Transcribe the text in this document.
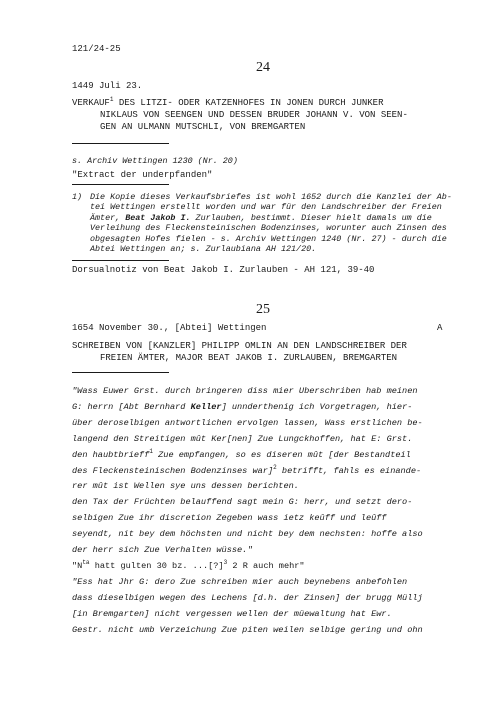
121/24-25
24
1449 Juli 23.
VERKAUF$^1$ DES LITZI- ODER KATZENHOFES IN JONEN DURCH JUNKER
NIKLAUS VON SEENGEN UND DESSEN BRUDER JOHANN V. VON SEEN-
GEN AN ULMANN MUTSCHLI, VON BREMGARTEN
s. Archiv Wettingen 1230 (Nr. 20)
"Extract der underpfanden"
1) Die Kopie dieses Verkaufsbriefes ist wohl 1652 durch die Kanzlei der Ab-
tei Wettingen erstellt worden und war für den Landschreiber der Freien
Ämter, Beat Jakob I. Zurlauben, bestimmt. Dieser hielt damals um die
Verleihung des Fleckensteinischen Bodenzinses, worunter auch Zinsen des
obgesagten Hofes fielen - s. Archiv Wettingen 1240 (Nr. 27) - durch die
Abtei Wettingen an; s. Zurlaubiana AH 121/20.
Dorsualnotiz von Beat Jakob I. Zurlauben - AH 121, 39-40
25
1654 November 30., [Abtei] Wettingen	A
SCHREIBEN VON [KANZLER] PHILIPP OMLIN AN DEN LANDSCHREIBER DER
FREIEN ÄMTER, MAJOR BEAT JAKOB I. ZURLAUBEN, BREMGARTEN
"Wass Euwer Grst. durch bringeren diss mier Uberschriben hab meinen
G: herrn [Abt Bernhard Keller] unndertheniɡ ich Vorgetragen, hier-
über deroselbigen antwortlichen ervolgen lassen, Wass erstlichen be-
langend den Streitigen mût Ker[nen] Zue Lungckhoffen, hat E: Grst.
den haubtbrieff$^1$ Zue empfangen, so es diseren mût [der Bestandteil
des Fleckensteinischen Bodenzinses war]$^2$ betrifft, fahls es einande-
rer mût ist Wellen sye uns dessen berichten.
den Tax der Früchten belauffend sagt mein G: herr, und setzt dero-
selbigen Zue ihr discretion Zegeben wass ietz keûff und leûff
seyendt, nit bey dem höchsten und nicht bey dem nechsten: hoffe also
der herr sich Zue Verhalten wüsse."
"$N^{ta}$ hatt gulten 30 bz. ...[?]$^3$ 2 R auch mehr"
"Ess hat Jhr G: dero Zue schreiben mier auch beynebens anbefohlen
dass dieselbigen wegen des Lechens [d.h. der Zinsen] der brugg Müllj
[in Bremgarten] nicht vergessen wellen der müewaltung hat Ewr.
Gestr. nicht umb Verzeichung Zue piten weilen selbige gering und ohn
